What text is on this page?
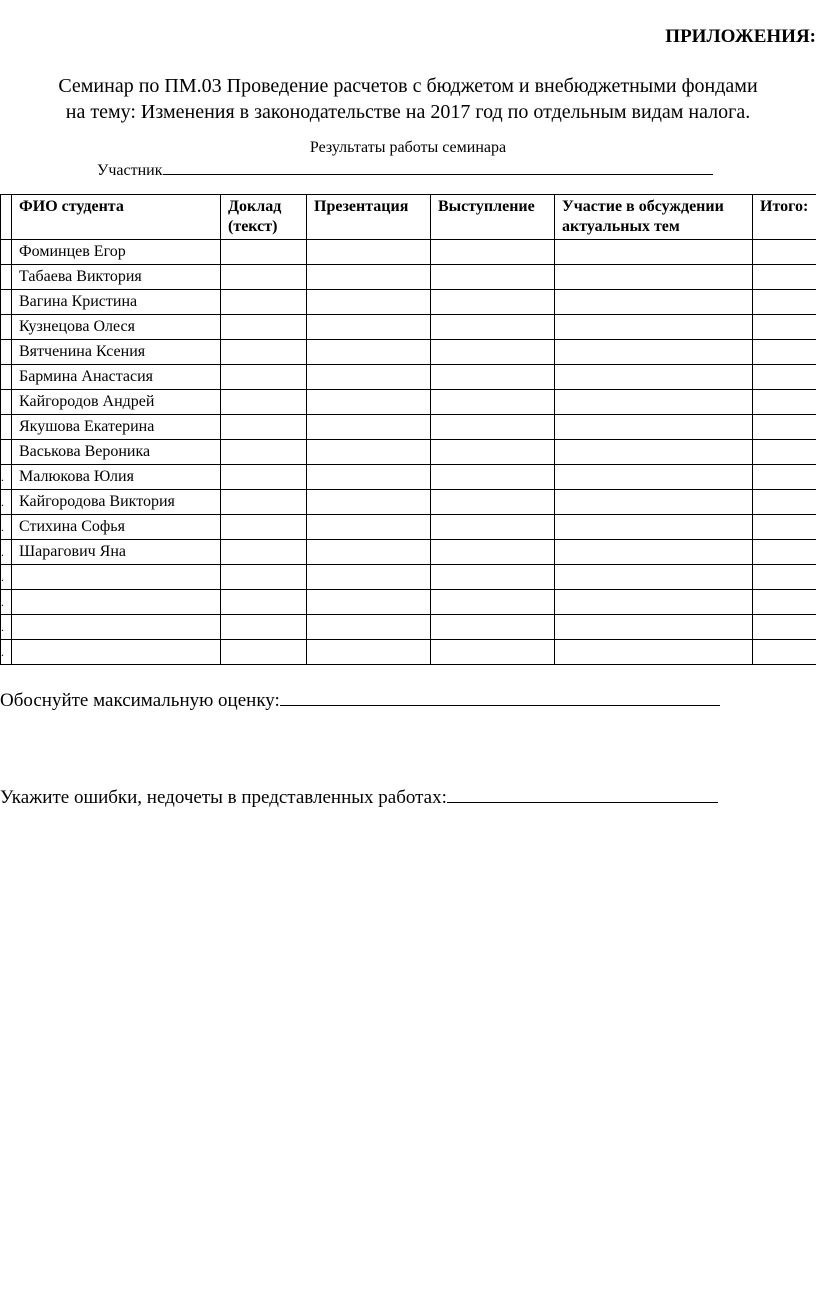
ПРИЛОЖЕНИЯ:
Семинар по ПМ.03 Проведение расчетов с бюджетом и внебюджетными фондами
на тему: Изменения в законодательстве на 2017 год по отдельным видам налога.
Результаты работы семинара
Участник
	ФИО студента	Доклад (текст)	Презентация	Выступление	Участие в обсуждении актуальных тем	Итого:
	Фоминцев Егор					
	Табаева Виктория					
	Вагина Кристина					
	Кузнецова Олеся					
	Вятченина Ксения					
	Бармина Анастасия					
	Кайгородов Андрей					
	Якушова Екатерина					
	Васькова Вероника					
.	Малюкова Юлия					
.	Кайгородова Виктория					
.	Стихина Софья					
.	Шарагович Яна					
.						
.						
.						
.						
Обоснуйте максимальную оценку:
Укажите ошибки, недочеты в представленных работах:
